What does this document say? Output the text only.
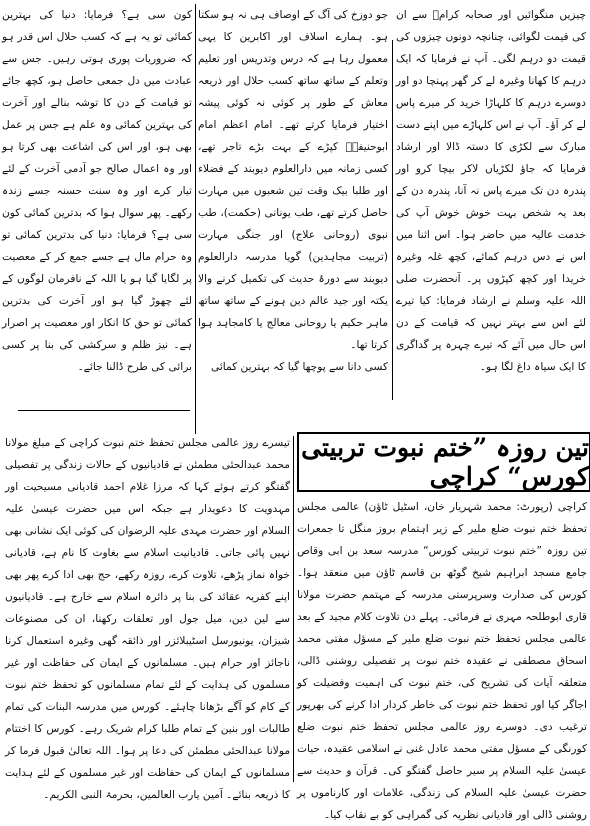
چیزیں منگوائیں اور صحابہ کرامؓ سے ان کی قیمت لگوائی، چنانچہ دونوں چیزوں کی قیمت دو درہم لگی۔ آپ نے فرمایا کہ ایک درہم کا کھانا وغیرہ لے کر گھر پہنچا دو اور دوسرے درہم کا کلہاڑا خرید کر میرے پاس لے کر آؤ۔ آپ نے اس کلہاڑے میں اپنے دست مبارک سے لکڑی کا دستہ ڈالا اور ارشاد فرمایا کہ جاؤ لکڑیاں لاکر بیچا کرو اور پندرہ دن تک میرے پاس نہ آنا، پندرہ دن کے بعد یہ شخص بہت خوش خوش آپ کی خدمت عالیہ میں حاضر ہوا۔ اس اثنا میں اس نے دس درہم کمائے، کچھ غلہ وغیرہ خریدا اور کچھ کپڑوں پر۔ آنحضرت صلی اللہ علیہ وسلم نے ارشاد فرمایا: کیا تیرے لئے اس سے بہتر نہیں کہ قیامت کے دن اس حال میں آئے کہ تیرے چہرہ پر گداگری کا ایک سیاہ داغ لگا ہو۔

جو دوزخ کی آگ کے اوصاف ہی نہ ہو سکتا ہو۔ ہمارے اسلاف اور اکابرین کا یہی معمول رہا ہے کہ درس وتدریس اور تعلیم وتعلم کے ساتھ ساتھ کسب حلال اور ذریعہ معاش کے طور پر کوئی نہ کوئی پیشہ اختیار فرمایا کرتے تھے۔ امام اعظم امام ابوحنیفہؒ کپڑے کے بہت بڑے تاجر تھے، کسی زمانہ میں دارالعلوم دیوبند کے فضلاء اور طلبا بیک وقت تین شعبوں میں مہارت حاصل کرتے تھے، طب یونانی (حکمت)، طب نبوی (روحانی علاج) اور جنگی مہارت (تربیت مجاہدین) گویا مدرسہ دارالعلوم دیوبند سے دورۂ حدیث کی تکمیل کرنے والا یکتہ اور جید عالم دین ہونے کے ساتھ ساتھ ماہر حکیم یا روحانی معالج یا کامجاہد ہوا کرتا تھا۔

کسی دانا سے پوچھا گیا کہ بہترین کمائی

کون سی ہے؟ فرمایا: دنیا کی بہترین کمائی تو یہ ہے کہ کسب حلال اس قدر ہو کہ ضروریات پوری ہوتی رہیں۔ جس سے عبادت میں دل جمعی حاصل ہو، کچھ جائے تو قیامت کے دن کا توشہ بنالے اور آخرت کی بہترین کمائی وہ علم ہے جس پر عمل بھی ہو، اور اس کی اشاعت بھی کرتا ہو اور وہ اعمال صالح جو آدمی آخرت کے لئے تیار کرے اور وہ سنت حسنہ جسے زندہ رکھے۔ پھر سوال ہوا کہ بدترین کمائی کون سی ہے؟ فرمایا: دنیا کی بدترین کمائی تو وہ حرام مال ہے جسے جمع کر کے معصیت پر لگایا گیا ہو یا اللہ کے نافرمان لوگوں کے لئے چھوڑ گیا ہو اور آخرت کی بدترین کمائی تو حق کا انکار اور معصیت پر اصرار ہے۔ نیز ظلم و سرکشی کی بنا پر کسی برائی کی طرح ڈالنا جائے۔

تین روزہ ”ختم نبوت تربیتی کورس“ کراچی

کراچی (رپورٹ: محمد شہریار خان، اسٹیل ٹاؤن) عالمی مجلس تحفظ ختم نبوت ضلع ملیر کے زیر اہتمام بروز منگل تا جمعرات تین روزہ ”ختم نبوت تربیتی کورس“ مدرسہ سعد بن ابی وقاص جامع مسجد ابراہیم شیخ گوٹھ بن قاسم ٹاؤن میں منعقد ہوا۔ کورس کی صدارت وسرپرستی مدرسہ کے مہتمم حضرت مولانا قاری ابوطلحہ مہری نے فرمائی۔ پہلے دن تلاوت کلام مجید کے بعد عالمی مجلس تحفظ ختم نبوت ضلع ملیر کے مسؤل مفتی محمد اسحاق مصطفی نے عقیدہ ختم نبوت پر تفصیلی روشنی ڈالی، متعلقہ آیات کی تشریح کی، ختم نبوت کی اہمیت وفضیلت کو اجاگر کیا اور تحفظ ختم نبوت کی خاطر کردار ادا کرنے کی بھرپور ترغیب دی۔ دوسرے روز عالمی مجلس تحفظ ختم نبوت ضلع کورنگی کے مسؤل مفتی محمد عادل غنی نے اسلامی عقیدہ، حیات عیسیٰ علیہ السلام پر سیر حاصل گفتگو کی۔ قرآن و حدیث سے حضرت عیسیٰ علیہ السلام کی زندگی، علامات اور کارناموں پر روشنی ڈالی اور قادیانی نظریہ کی گمراہی کو بے نقاب کیا۔

تیسرے روز عالمی مجلس تحفظ ختم نبوت کراچی کے مبلغ مولانا محمد عبدالحئی مطمئن نے قادیانیوں کے حالات زندگی پر تفصیلی گفتگو کرتے ہوئے کہا کہ مرزا غلام احمد قادیانی مسیحیت اور مہدویت کا دعویدار ہے جبکہ اس میں حضرت عیسیٰ علیہ السلام اور حضرت مہدی علیہ الرضوان کی کوئی ایک نشانی بھی نہیں پائی جاتی۔ قادیانیت اسلام سے بغاوت کا نام ہے، قادیانی خواہ نماز پڑھے، تلاوت کرے، روزہ رکھے، حج بھی ادا کرے پھر بھی اپنے کفریہ عقائد کی بنا پر دائرہ اسلام سے خارج ہے۔ قادیانیوں سے لین دین، میل جول اور تعلقات رکھنا، ان کی مصنوعات شیزان، یونیورسل اسٹیبلائزر اور ذائقہ گھی وغیرہ استعمال کرنا ناجائز اور حرام ہیں۔ مسلمانوں کے ایمان کی حفاظت اور غیر مسلموں کی ہدایت کے لئے تمام مسلمانوں کو تحفظ ختم نبوت کے کام کو آگے بڑھانا چاہئے۔ کورس میں مدرسہ البنات کی تمام طالبات اور بنین کے تمام طلبا کرام شریک رہے۔ کورس کا اختتام مولانا عبدالحئی مطمئن کی دعا پر ہوا۔ اللہ تعالیٰ قبول فرما کر مسلمانوں کے ایمان کی حفاظت اور غیر مسلموں کے لئے ہدایت کا ذریعہ بنائے۔ آمین یارب العالمین، بحرمۃ النبی الکریم۔
